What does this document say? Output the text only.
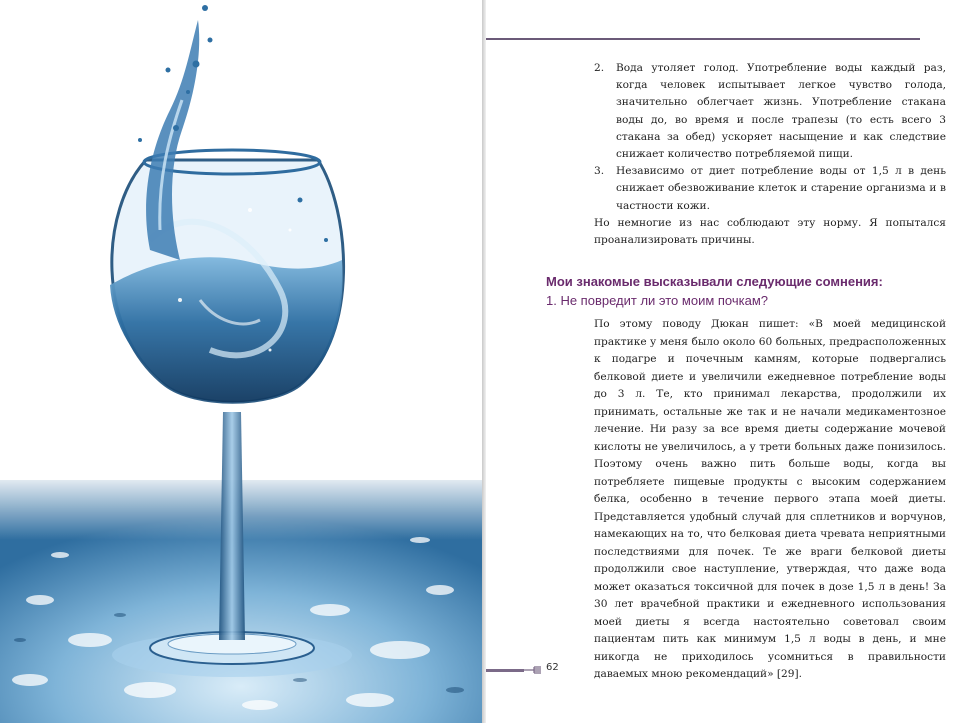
2.	Вода утоляет голод. Употребление воды каждый раз, когда человек испытывает легкое чувство голода, значительно облегчает жизнь. Употребление стакана воды до, во время и после трапезы (то есть всего 3 стакана за обед) ускоряет насыщение и как следствие снижает количество потребляемой пищи.
3.	Независимо от диет потребление воды от 1,5 л в день снижает обезвоживание клеток и старение организма и в частности кожи.

Но немногие из нас соблюдают эту норму. Я попытался проанализировать причины.

Мои знакомые высказывали следующие сомнения:
1. Не повредит ли это моим почкам?
По этому поводу Дюкан пишет: «В моей медицинской практике у меня было около 60 больных, предрасположенных к подагре и почечным камням, которые подвергались белковой диете и увеличили ежедневное потребление воды до 3 л. Те, кто принимал лекарства, продолжили их принимать, остальные же так и не начали медикаментозное лечение. Ни разу за все время диеты содержание мочевой кислоты не увеличилось, а у трети больных даже понизилось. Поэтому очень важно пить больше воды, когда вы потребляете пищевые продукты с высоким содержанием белка, особенно в течение первого этапа моей диеты. Представляется удобный случай для сплетников и ворчунов, намекающих на то, что белковая диета чревата неприятными последствиями для почек. Те же враги белковой диеты продолжили свое наступление, утверждая, что даже вода может оказаться токсичной для почек в дозе 1,5 л в день! За 30 лет врачебной практики и ежедневного использования моей диеты я всегда настоятельно советовал своим пациентам пить как минимум 1,5 л воды в день, и мне никогда не приходилось усомниться в правильности даваемых мною рекомендаций» [29].
62
